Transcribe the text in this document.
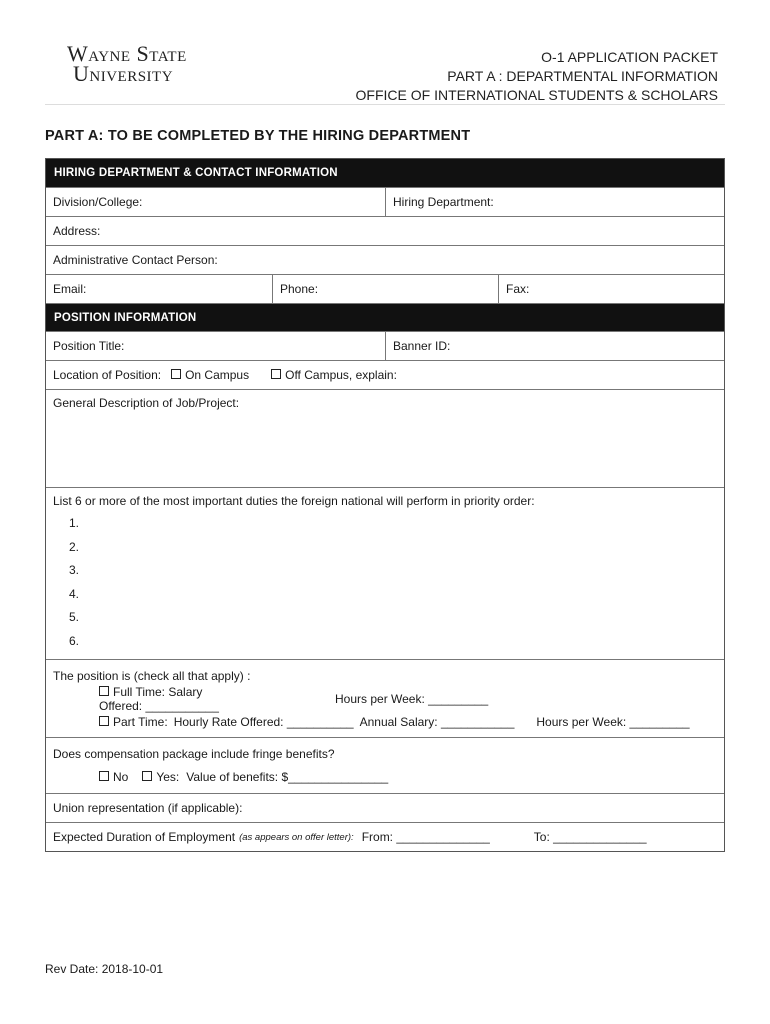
Wayne State
University
O-1 APPLICATION PACKET
PART A : DEPARTMENTAL INFORMATION
OFFICE OF INTERNATIONAL STUDENTS & SCHOLARS
PART A: TO BE COMPLETED BY THE HIRING DEPARTMENT
HIRING DEPARTMENT & CONTACT INFORMATION
Division/College:	Hiring Department:
Address:
Administrative Contact Person:
Email:	Phone:	Fax:
POSITION INFORMATION
Position Title:	Banner ID:
Location of Position:	On Campus	Off Campus, explain:
General Description of Job/Project:
List 6 or more of the most important duties the foreign national will perform in priority order:
1.
2.
3.
4.
5.
6.
The position is (check all that apply) :
Full Time: Salary Offered: ___________	Hours per Week: _________
Part Time: Hourly Rate Offered: __________ Annual Salary: ___________ Hours per Week: _________
Does compensation package include fringe benefits?
No	Yes: Value of benefits: $_______________
Union representation (if applicable):
Expected Duration of Employment (as appears on offer letter): From: ______________	To: ______________
Rev Date: 2018-10-01
